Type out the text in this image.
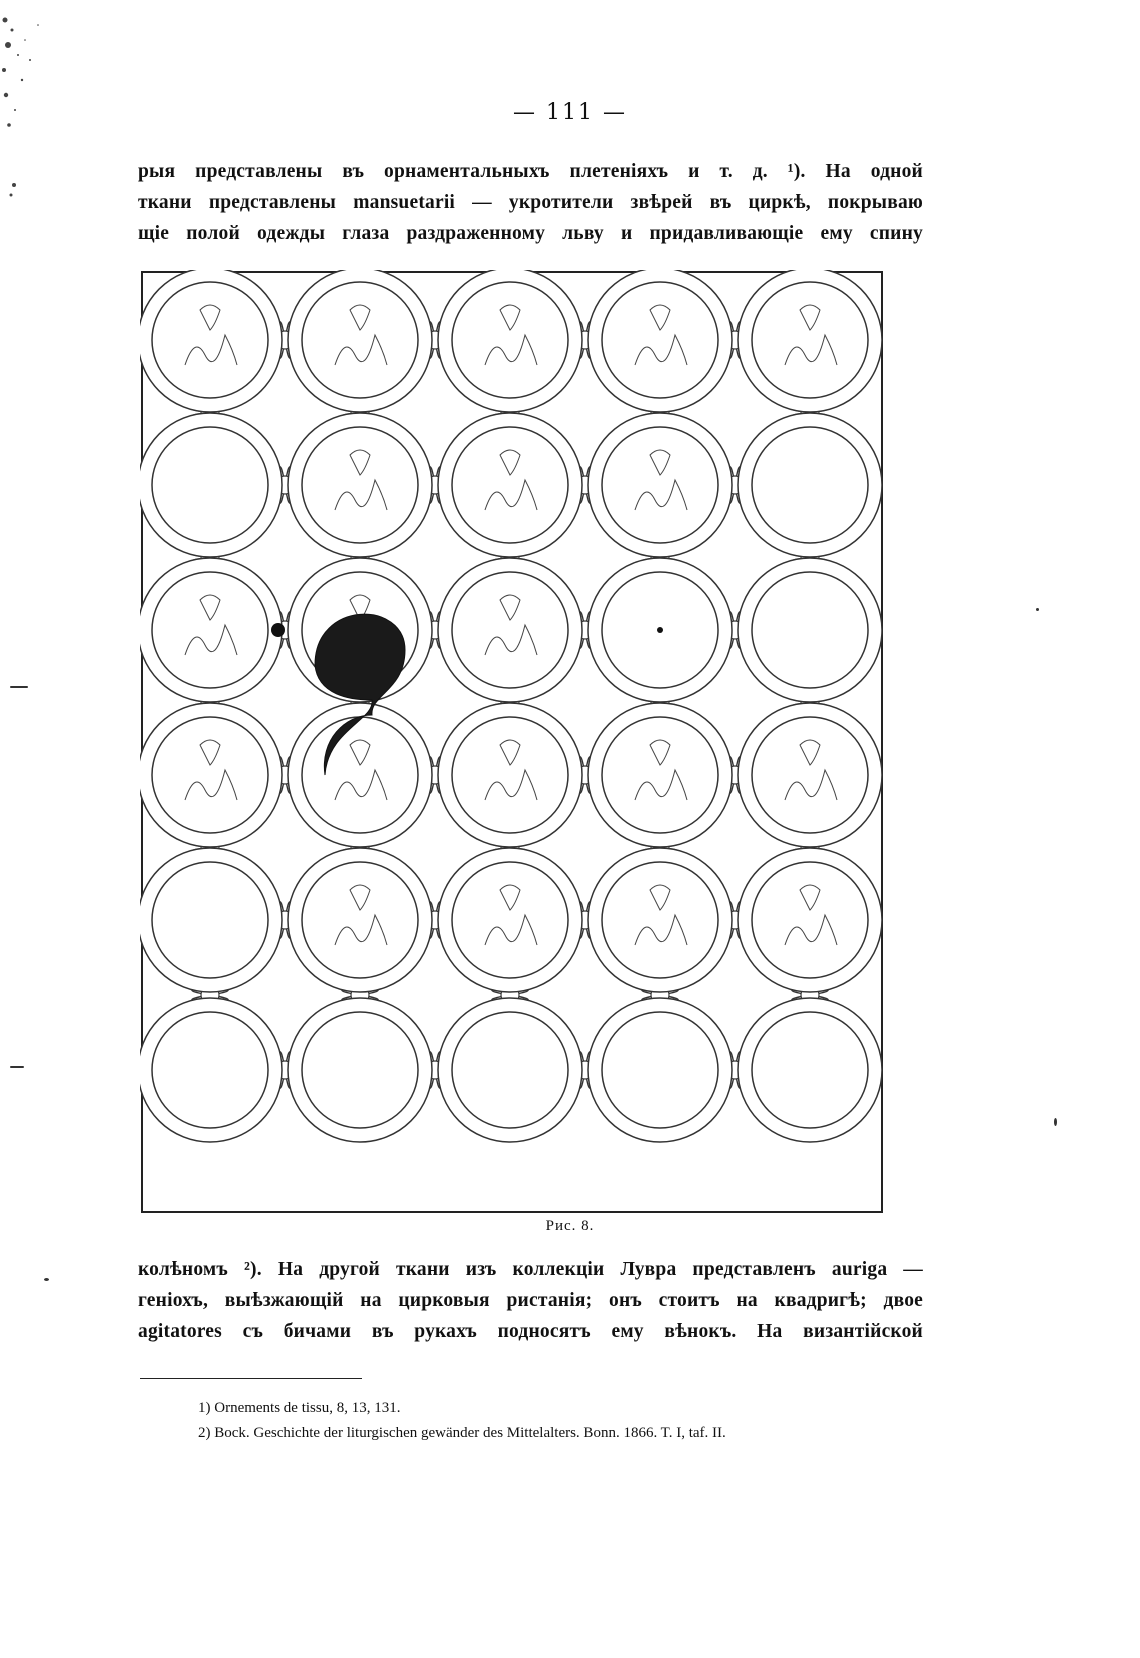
— 111 —
рыя представлены въ орнаментальныхъ плетеніяхъ и т. д. ¹). На одной
ткани представлены mansuetarii — укротители звѣрей въ циркѣ, покрываю
щіе полой одежды глаза раздраженному льву и придавливающіе ему спину
Рис. 8.
колѣномъ ²). На другой ткани изъ коллекціи Лувра представленъ auriga —
геніохъ, выѣзжающій на цирковыя ристанія; онъ стоитъ на квадригѣ; двое
agitatores съ бичами въ рукахъ подносятъ ему вѣнокъ. На византійской
1) Ornements de tissu, 8, 13, 131.
2) Bock. Geschichte der liturgischen gewänder des Mittelalters. Bonn. 1866. T. I, taf. II.
